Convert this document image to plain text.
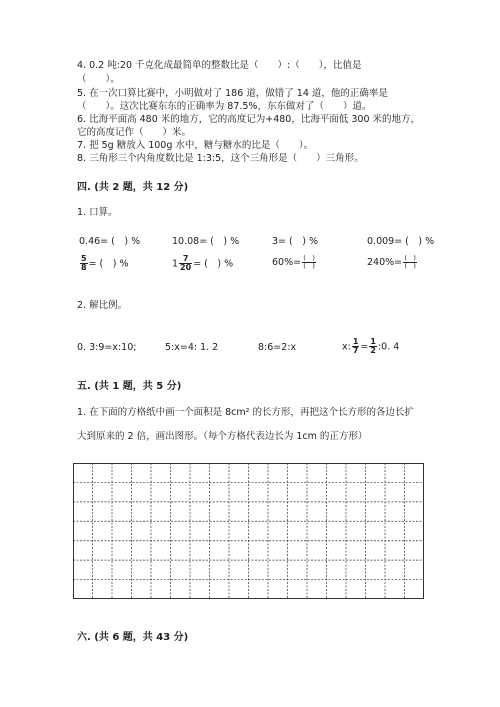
4. 0.2 吨:20 千克化成最简单的整数比是（　　）:（　　），比值是
（　　）。
5. 在一次口算比赛中，小明做对了 186 道，做错了 14 道，他的正确率是
（　　）。这次比赛东东的正确率为 87.5%，东东做对了（　　）道。
6. 比海平面高 480 米的地方，它的高度记为+480，比海平面低 300 米的地方，
它的高度记作（　　）米。
7. 把 5g 糖放入 100g 水中，糖与糖水的比是（　　）。
8. 三角形三个内角度数比是 1:3:5，这个三角形是（　　）三角形。
四. (共 2 题，共 12 分)
1. 口算。
0.46= (　) %	10.08= (　) %	3= (　) %	0.009= (　) %
$\frac{5}{8}$ = (　) %	$1 \frac{7}{20}$ = (　) %	$60\%= \frac{( )}{( )}$	$240\%= \frac{( )}{( )}$
2. 解比例。
0. 3:9=x:10;	5:x=4: 1. 2	8:6=2:x	x: $\frac{1}{7} = \frac{1}{2}$ :0. 4
五. (共 1 题，共 5 分)
1. 在下面的方格纸中画一个面积是 8cm² 的长方形，再把这个长方形的各边长扩
大到原来的 2 倍，画出图形。（每个方格代表边长为 1cm 的正方形）
六. (共 6 题，共 43 分)
